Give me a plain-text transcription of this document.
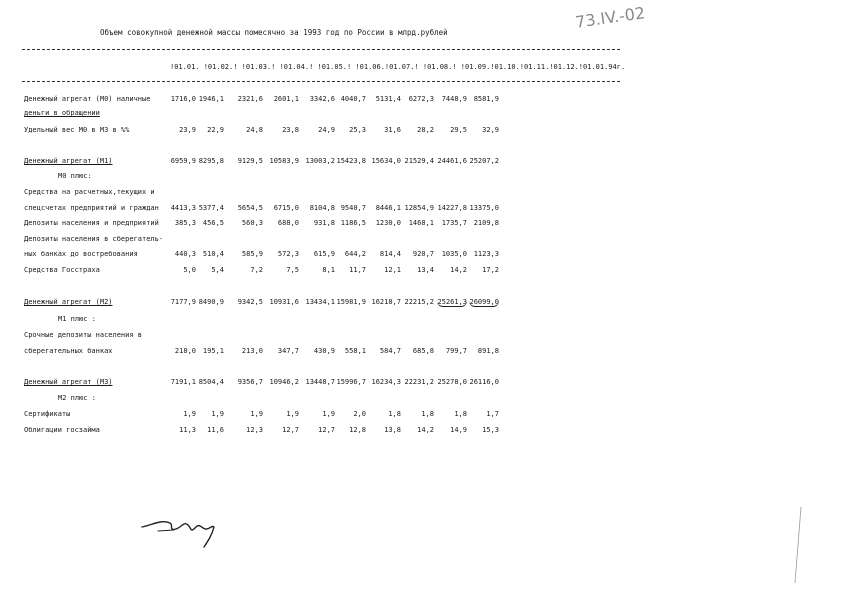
Объем совокупной денежной массы помесячно за 1993 год по России в млрд.рублей
73.IV.-02
!01.01. !01.02.! !01.03.! !01.04.! !01.05.! !01.06.!01.07.! !01.08.! !01.09.!01.10.!01.11.!01.12.!01.01.94г.
Денежный агрегат (М0) наличные	1716,0 1946,1 2321,6 2601,1 3342,6 4040,7 5131,4 6272,3 7448,9 8581,9
деньги в обращении
Удельный вес М0 в М3 в %%	23,9 22,9	24,8	23,8	24,9 25,3	31,6 28,2 29,5 32,9
Денежный агрегат (М1)	6959,9 8295,8 9129,5 10583,9 13003,2 15423,8 15634,0 21529,4 24461,6 25207,2
М0 плюс:
Средства на расчетных,текущих и
спецсчетах предприятий и граждан 4413,3 5377,4 5654,5 6715,0 8104,8 9540,7 8446,1 12854,9 14227,8 13375,0
Депозиты населения и предприятий 385,3 456,5	560,3 688,0 931,8 1186,5 1230,0 1468,1 1735,7 2109,8
Депозиты населения в сберегатель-
ных банках до востребования	440,3 510,4	585,9 572,3 615,9 644,2 814,4 920,7 1035,0 1123,3
Средства Госстраха	5,0 5,4	7,2	7,5	8,1 11,7	12,1 13,4 14,2 17,2
Денежный агрегат (М2)	7177,9 8490,9 9342,5 10931,6 13434,1 15981,9 16218,7 22215,2 25261,3 26099,0
М1 плюс :
Срочные депозиты населения в
сберегательных банках	218,0 195,1	213,0 347,7 430,9 558,1 584,7 685,8 799,7 891,8
Денежный агрегат (М3)	7191,1 8504,4 9356,7 10946,2 13448,7 15996,7 16234,3 22231,2 25278,0 26116,0
М2 плюс :
Сертификаты	1,9 1,9	1,9	1,9	1,9	2,0	1,8	1,8	1,8	1,7
Облигации госзайма	11,3 11,6	12,3	12,7	12,7 12,8	13,8 14,2 14,9 15,3
